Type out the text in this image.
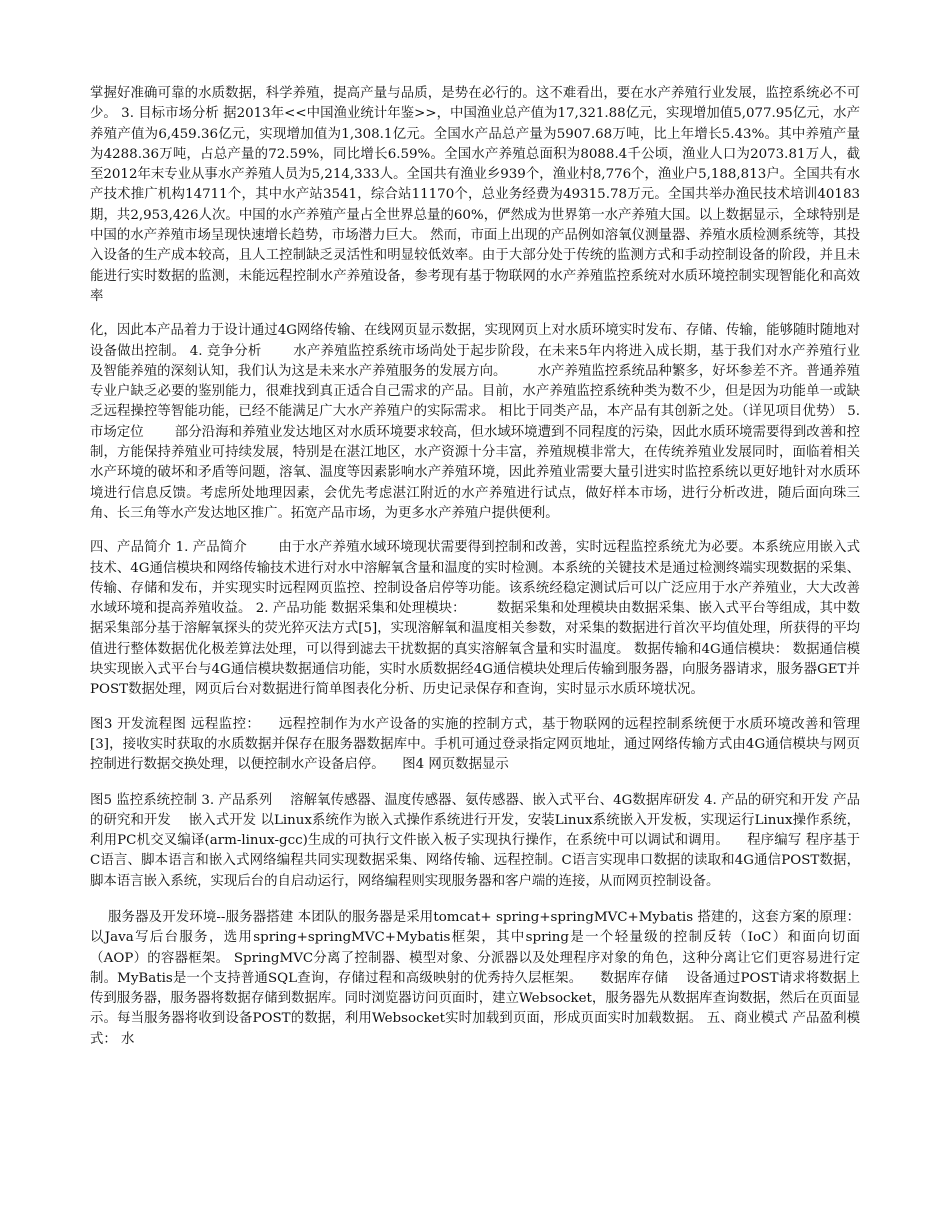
掌握好准确可靠的水质数据，科学养殖，提高产量与品质，是势在必行的。这不难看出，要在水产养殖行业发展，监控系统必不可少。 3. 目标市场分析 据2013年<<中国渔业统计年鉴>>，中国渔业总产值为17,321.88亿元，实现增加值5,077.95亿元，水产养殖产值为6,459.36亿元，实现增加值为1,308.1亿元。全国水产品总产量为5907.68万吨，比上年增长5.43%。其中养殖产量为4288.36万吨，占总产量的72.59%，同比增长6.59%。全国水产养殖总面积为8088.4千公顷，渔业人口为2073.81万人，截至2012年末专业从事水产养殖人员为5,214,333人。全国共有渔业乡939个，渔业村8,776个，渔业户5,188,813户。全国共有水产技术推广机构14711个，其中水产站3541，综合站11170个，总业务经费为49315.78万元。全国共举办渔民技术培训40183期，共2,953,426人次。中国的水产养殖产量占全世界总量的60%，俨然成为世界第一水产养殖大国。以上数据显示，全球特别是中国的水产养殖市场呈现快速增长趋势，市场潜力巨大。 然而，市面上出现的产品例如溶氧仪测量器、养殖水质检测系统等，其投入设备的生产成本较高，且人工控制缺乏灵活性和明显较低效率。由于大部分处于传统的监测方式和手动控制设备的阶段，并且未能进行实时数据的监测，未能远程控制水产养殖设备，参考现有基于物联网的水产养殖监控系统对水质环境控制实现智能化和高效率

化，因此本产品着力于设计通过4G网络传输、在线网页显示数据，实现网页上对水质环境实时发布、存储、传输，能够随时随地对设备做出控制。 4. 竞争分析 　　水产养殖监控系统市场尚处于起步阶段，在未来5年内将进入成长期，基于我们对水产养殖行业及智能养殖的深刻认知，我们认为这是未来水产养殖服务的发展方向。 　　水产养殖监控系统品种繁多，好坏参差不齐。普通养殖专业户缺乏必要的鉴别能力，很难找到真正适合自己需求的产品。目前，水产养殖监控系统种类为数不少，但是因为功能单一或缺乏远程操控等智能功能，已经不能满足广大水产养殖户的实际需求。 相比于同类产品，本产品有其创新之处。（详见项目优势） 5. 市场定位 　　部分沿海和养殖业发达地区对水质环境要求较高，但水域环境遭到不同程度的污染，因此水质环境需要得到改善和控制，方能保持养殖业可持续发展，特别是在湛江地区，水产资源十分丰富，养殖规模非常大，在传统养殖业发展同时，面临着相关水产环境的破坏和矛盾等问题，溶氧、温度等因素影响水产养殖环境，因此养殖业需要大量引进实时监控系统以更好地针对水质环境进行信息反馈。考虑所处地理因素，会优先考虑湛江附近的水产养殖进行试点，做好样本市场，进行分析改进，随后面向珠三角、长三角等水产发达地区推广。拓宽产品市场，为更多水产养殖户提供便利。

四、产品简介 1. 产品简介 　　由于水产养殖水域环境现状需要得到控制和改善，实时远程监控系统尤为必要。本系统应用嵌入式技术、4G通信模块和网络传输技术进行对水中溶解氧含量和温度的实时检测。本系统的关键技术是通过检测终端实现数据的采集、传输、存储和发布，并实现实时远程网页监控、控制设备启停等功能。该系统经稳定测试后可以广泛应用于水产养殖业，大大改善水域环境和提高养殖收益。 2. 产品功能 数据采集和处理模块： 　　数据采集和处理模块由数据采集、嵌入式平台等组成，其中数据采集部分基于溶解氧探头的荧光猝灭法方式[5]，实现溶解氧和温度相关参数，对采集的数据进行首次平均值处理，所获得的平均值进行整体数据优化极差算法处理，可以得到滤去干扰数据的真实溶解氧含量和实时温度。 数据传输和4G通信模块： 数据通信模块实现嵌入式平台与4G通信模块数据通信功能，实时水质数据经4G通信模块处理后传输到服务器，向服务器请求，服务器GET并POST数据处理，网页后台对数据进行简单图表化分析、历史记录保存和查询，实时显示水质环境状况。

图3 开发流程图 远程监控： 　远程控制作为水产设备的实施的控制方式，基于物联网的远程控制系统便于水质环境改善和管理[3]，接收实时获取的水质数据并保存在服务器数据库中。手机可通过登录指定网页地址，通过网络传输方式由4G通信模块与网页控制进行数据交换处理，以便控制水产设备启停。 　图4 网页数据显示

图5 监控系统控制 3. 产品系列 　溶解氧传感器、温度传感器、氨传感器、嵌入式平台、4G数据库研发 4. 产品的研究和开发 产品的研究和开发 　嵌入式开发 以Linux系统作为嵌入式操作系统进行开发，安装Linux系统嵌入开发板，实现运行Linux操作系统，利用PC机交叉编译(arm-linux-gcc)生成的可执行文件嵌入板子实现执行操作，在系统中可以调试和调用。 　程序编写 程序基于C语言、脚本语言和嵌入式网络编程共同实现数据采集、网络传输、远程控制。C语言实现串口数据的读取和4G通信POST数据，脚本语言嵌入系统，实现后台的自启动运行，网络编程则实现服务器和客户端的连接，从而网页控制设备。

　 服务器及开发环境--服务器搭建 本团队的服务器是采用tomcat+ spring+springMVC+Mybatis 搭建的，这套方案的原理：以Java写后台服务，选用spring+springMVC+Mybatis框架，其中spring是一个轻量级的控制反转（IoC）和面向切面（AOP）的容器框架。 SpringMVC分离了控制器、模型对象、分派器以及处理程序对象的角色，这种分离让它们更容易进行定制。MyBatis是一个支持普通SQL查询，存储过程和高级映射的优秀持久层框架。 　数据库存储 　设备通过POST请求将数据上传到服务器，服务器将数据存储到数据库。同时浏览器访问页面时，建立Websocket，服务器先从数据库查询数据，然后在页面显示。每当服务器将收到设备POST的数据，利用Websocket实时加载到页面，形成页面实时加载数据。 五、商业模式 产品盈利模式： 水
